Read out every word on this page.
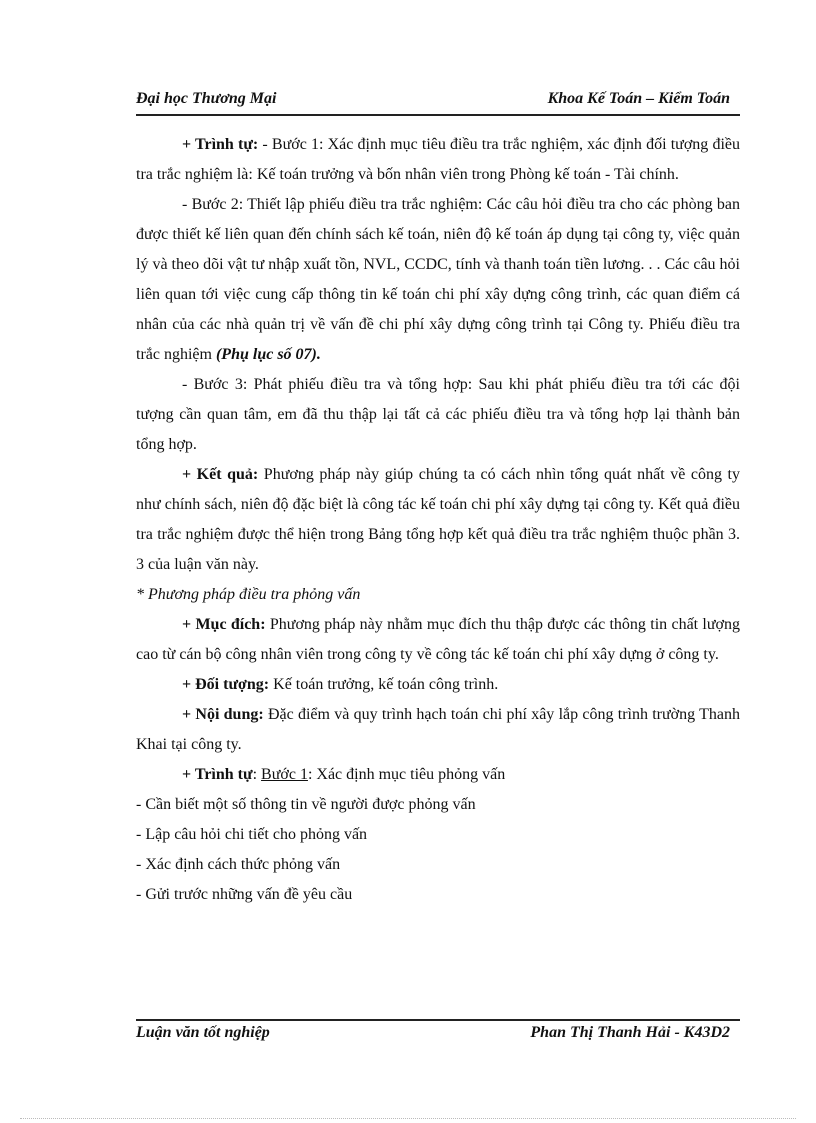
Đại học Thương Mại	Khoa Kế Toán – Kiểm Toán

+ Trình tự: - Bước 1: Xác định mục tiêu điều tra trắc nghiệm, xác định đối tượng điều tra trắc nghiệm là: Kế toán trưởng và bốn nhân viên trong Phòng kế toán - Tài chính.

- Bước 2: Thiết lập phiếu điều tra trắc nghiệm: Các câu hỏi điều tra cho các phòng ban được thiết kế liên quan đến chính sách kế toán, niên độ kế toán áp dụng tại công ty, việc quản lý và theo dõi vật tư nhập xuất tồn, NVL, CCDC, tính và thanh toán tiền lương. . . Các câu hỏi liên quan tới việc cung cấp thông tin kế toán chi phí xây dựng công trình, các quan điểm cá nhân của các nhà quản trị về vấn đề chi phí xây dựng công trình tại Công ty. Phiếu điều tra trắc nghiệm (Phụ lục số 07).

- Bước 3: Phát phiếu điều tra và tổng hợp: Sau khi phát phiếu điều tra tới các đội tượng cần quan tâm, em đã thu thập lại tất cả các phiếu điều tra và tổng hợp lại thành bản tổng hợp.

+ Kết quả: Phương pháp này giúp chúng ta có cách nhìn tổng quát nhất về công ty như chính sách, niên độ đặc biệt là công tác kế toán chi phí xây dựng tại công ty. Kết quả điều tra trắc nghiệm được thể hiện trong Bảng tổng hợp kết quả điều tra trắc nghiệm thuộc phần 3. 3 của luận văn này.

* Phương pháp điều tra phỏng vấn

+ Mục đích: Phương pháp này nhằm mục đích thu thập được các thông tin chất lượng cao từ cán bộ công nhân viên trong công ty về công tác kế toán chi phí xây dựng ở công ty.

+ Đối tượng: Kế toán trưởng, kế toán công trình.

+ Nội dung: Đặc điểm và quy trình hạch toán chi phí xây lắp công trình trường Thanh Khai tại công ty.

+ Trình tự: Bước 1: Xác định mục tiêu phỏng vấn

- Cần biết một số thông tin về người được phỏng vấn

- Lập câu hỏi chi tiết cho phỏng vấn

- Xác định cách thức phỏng vấn

- Gửi trước những vấn đề yêu cầu

Luận văn tốt nghiệp	Phan Thị Thanh Hải - K43D2
